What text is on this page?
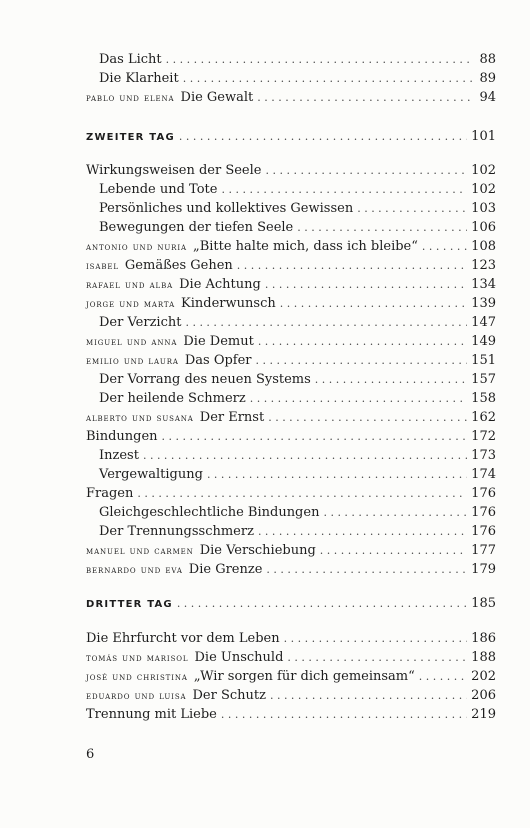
Das Licht . . .	88
Die Klarheit . . .	89
pablo und elena Die Gewalt . . .	94
ZWEITER TAG . . .	101
Wirkungsweisen der Seele . . .	102
Lebende und Tote . . .	102
Persönliches und kollektives Gewissen . . .	103
Bewegungen der tiefen Seele . . .	106
antonio und nuria „Bitte halte mich, dass ich bleibe“ . . .	108
isabel Gemäßes Gehen . . .	123
rafael und alba Die Achtung . . .	134
jorge und marta Kinderwunsch . . .	139
Der Verzicht . . .	147
miguel und anna Die Demut . . .	149
emilio und laura Das Opfer . . .	151
Der Vorrang des neuen Systems . . .	157
Der heilende Schmerz . . .	158
alberto und susana Der Ernst . . .	162
Bindungen . . .	172
Inzest . . .	173
Vergewaltigung . . .	174
Fragen . . .	176
Gleichgeschlechtliche Bindungen . . .	176
Der Trennungsschmerz . . .	176
manuel und carmen Die Verschiebung . . .	177
bernardo und eva Die Grenze . . .	179
DRITTER TAG . . .	185
Die Ehrfurcht vor dem Leben . . .	186
tomás und marisol Die Unschuld . . .	188
josé und christina „Wir sorgen für dich gemeinsam“ . . .	202
eduardo und luisa Der Schutz . . .	206
Trennung mit Liebe . . .	219
6
